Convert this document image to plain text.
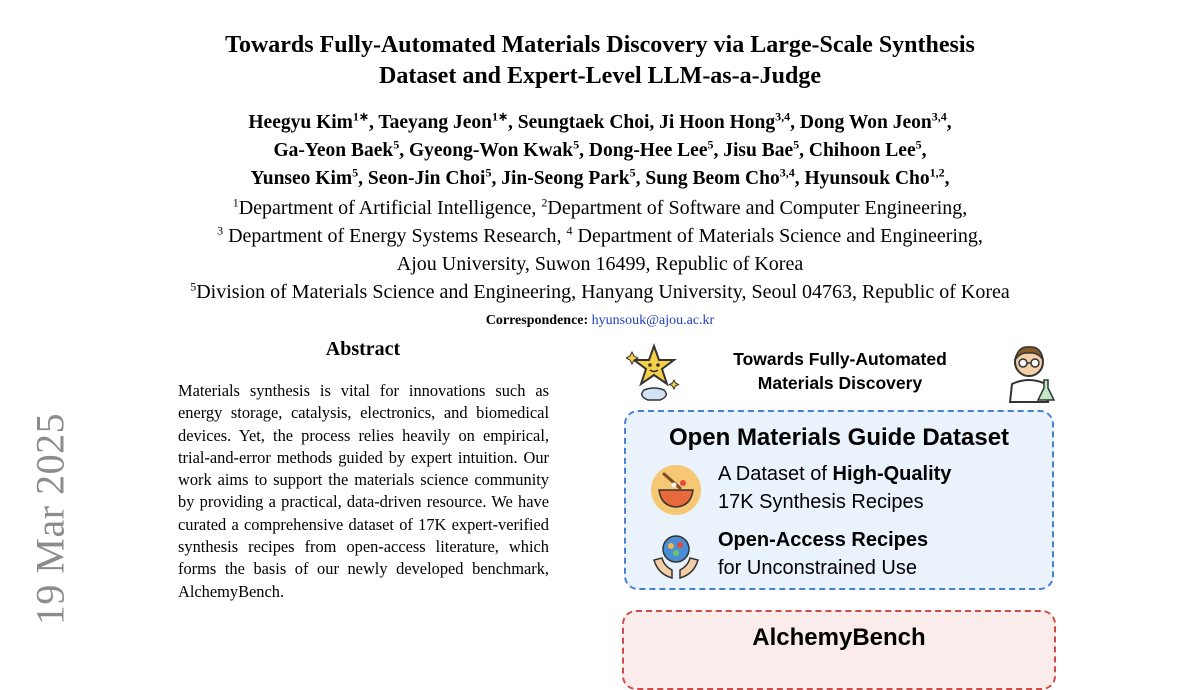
19 Mar 2025
Towards Fully-Automated Materials Discovery via Large-Scale Synthesis
Dataset and Expert-Level LLM-as-a-Judge
Heegyu Kim$^{1∗}$, Taeyang Jeon$^{1∗}$, Seungtaek Choi, Ji Hoon Hong$^{3,4}$, Dong Won Jeon$^{3,4}$,
Ga-Yeon Baek$^5$, Gyeong-Won Kwak$^5$, Dong-Hee Lee$^5$, Jisu Bae$^5$, Chihoon Lee$^5$,
Yunseo Kim$^5$, Seon-Jin Choi$^5$, Jin-Seong Park$^5$, Sung Beom Cho$^{3,4}$, Hyunsouk Cho$^{1,2}$,
$^1$Department of Artificial Intelligence, $^2$Department of Software and Computer Engineering,
$^3$ Department of Energy Systems Research, $^4$ Department of Materials Science and Engineering,
Ajou University, Suwon 16499, Republic of Korea
$^5$Division of Materials Science and Engineering, Hanyang University, Seoul 04763, Republic of Korea
Correspondence: hyunsouk@ajou.ac.kr
Abstract

Materials synthesis is vital for innovations such as energy storage, catalysis, electronics, and biomedical devices. Yet, the process relies heavily on empirical, trial-and-error methods guided by expert intuition. Our work aims to support the materials science community by providing a practical, data-driven resource. We have curated a comprehensive dataset of 17K expert-verified synthesis recipes from open-access literature, which forms the basis of our newly developed benchmark, AlchemyBench.

Towards Fully-Automated
Materials Discovery
Open Materials Guide Dataset
A Dataset of High-Quality
17K Synthesis Recipes
Open-Access Recipes
for Unconstrained Use
AlchemyBench
